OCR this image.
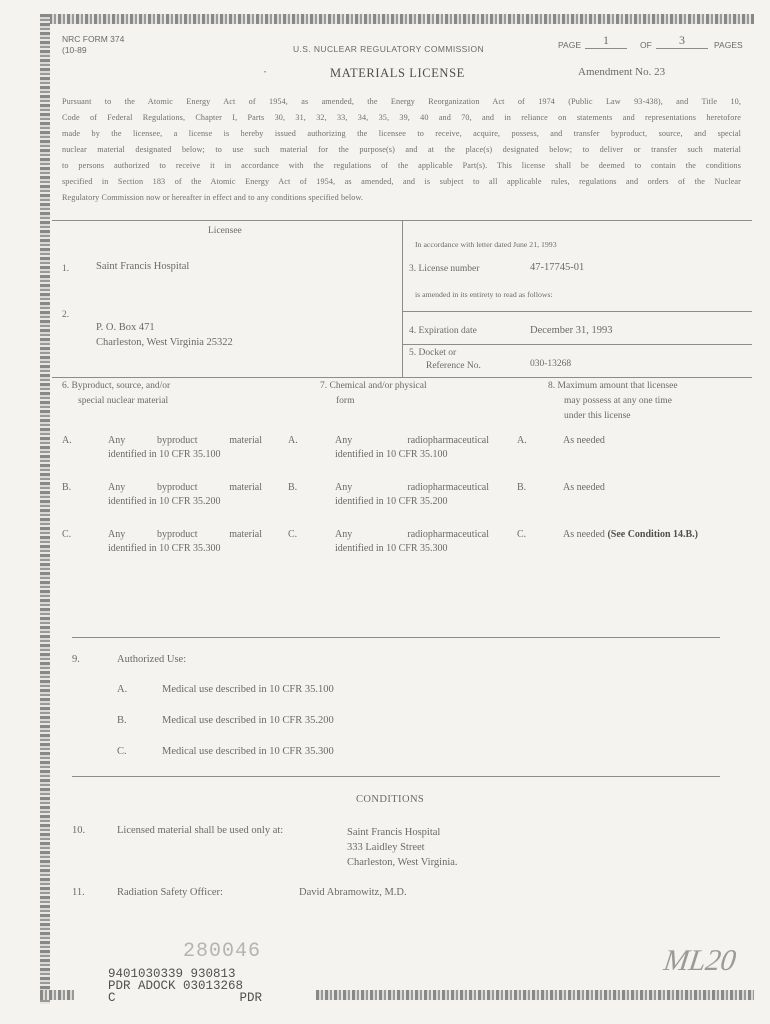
NRC FORM 374
(10-89	U.S. NUCLEAR REGULATORY COMMISSION	PAGE	1	OF	3	PAGES
•	MATERIALS LICENSE	Amendment No. 23
Pursuant to the Atomic Energy Act of 1954, as amended, the Energy Reorganization Act of 1974 (Public Law 93-438), and Title 10,
Code of Federal Regulations, Chapter I, Parts 30, 31, 32, 33, 34, 35, 39, 40 and 70, and in reliance on statements and representations heretofore
made by the licensee, a license is hereby issued authorizing the licensee to receive, acquire, possess, and transfer byproduct, source, and special
nuclear material designated below; to use such material for the purpose(s) and at the place(s) designated below; to deliver or transfer such material
to persons authorized to receive it in accordance with the regulations of the applicable Part(s). This license shall be deemed to contain the conditions
specified in Section 183 of the Atomic Energy Act of 1954, as amended, and is subject to all applicable rules, regulations and orders of the Nuclear
Regulatory Commission now or hereafter in effect and to any conditions specified below.
Licensee
1.	Saint Francis Hospital
2.
P. O. Box 471
Charleston, West Virginia 25322
In accordance with letter dated June 21, 1993
3. License number	47-17745-01
is amended in its entirety to read as follows:
4. Expiration date	December 31, 1993
5. Docket or
Reference No.	030-13268
6. Byproduct, source, and/or
special nuclear material
7. Chemical and/or physical
form
8. Maximum amount that licensee
may possess at any one time
under this license
A.	Any byproduct material
identified in 10 CFR 35.100
A.	Any radiopharmaceutical
identified in 10 CFR 35.100
A.	As needed
B.	Any byproduct material
identified in 10 CFR 35.200
B.	Any radiopharmaceutical
identified in 10 CFR 35.200
B.	As needed
C.	Any byproduct material
identified in 10 CFR 35.300
C.	Any radiopharmaceutical
identified in 10 CFR 35.300
C.	As needed (See Condition 14.B.)
9.	Authorized Use:
A.	Medical use described in 10 CFR 35.100
B.	Medical use described in 10 CFR 35.200
C.	Medical use described in 10 CFR 35.300
CONDITIONS
10.	Licensed material shall be used only at:	Saint Francis Hospital
333 Laidley Street
Charleston, West Virginia.
11.	Radiation Safety Officer:	David Abramowitz, M.D.
280046
9401030339 930813
PDR ADOCK 03013268
C	PDR
ML20
